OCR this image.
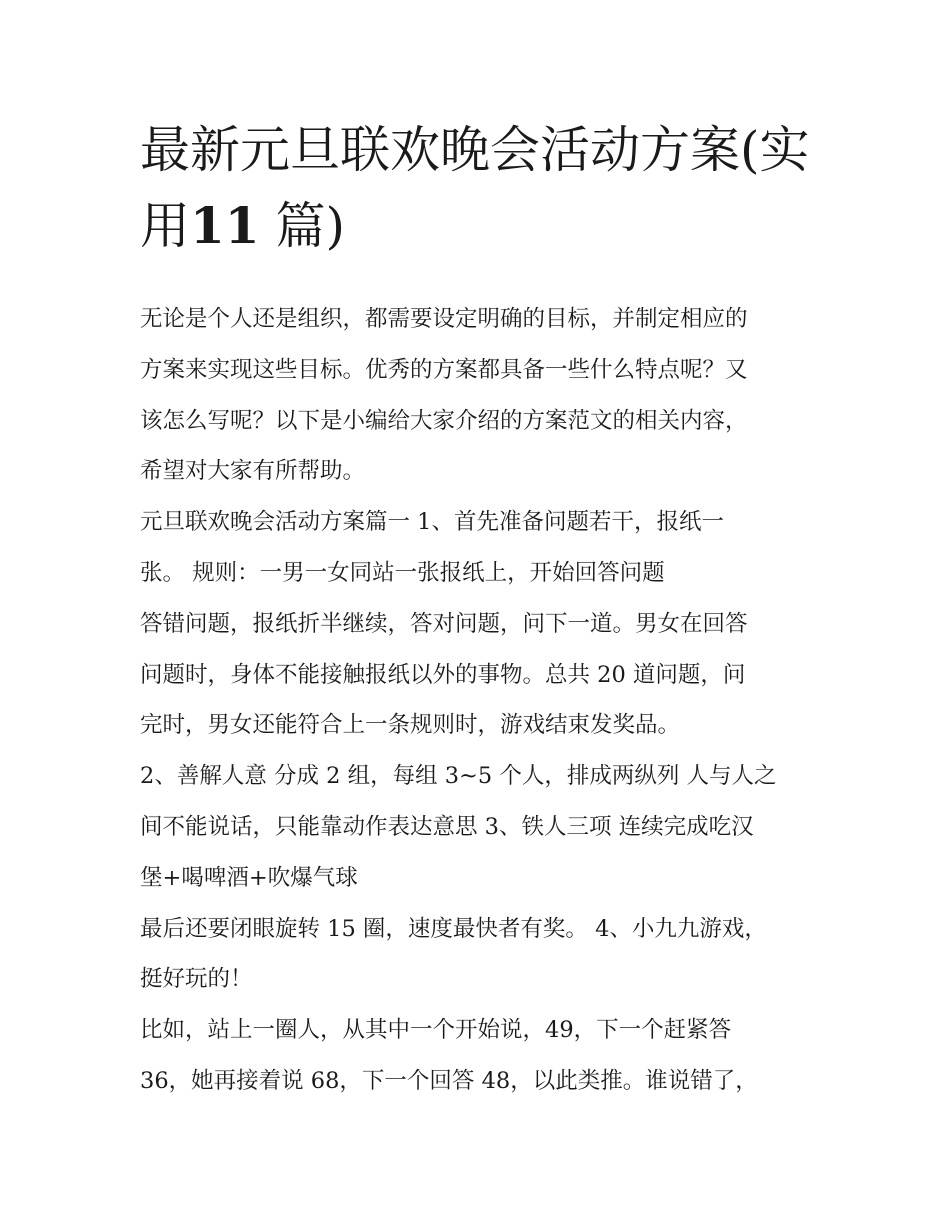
最新元旦联欢晚会活动方案(实
用11 篇)
无论是个人还是组织，都需要设定明确的目标，并制定相应的
方案来实现这些目标。优秀的方案都具备一些什么特点呢？又
该怎么写呢？以下是小编给大家介绍的方案范文的相关内容，
希望对大家有所帮助。
元旦联欢晚会活动方案篇一 1、首先准备问题若干，报纸一
张。 规则：一男一女同站一张报纸上，开始回答问题
答错问题，报纸折半继续，答对问题，问下一道。男女在回答
问题时，身体不能接触报纸以外的事物。总共 20 道问题，问
完时，男女还能符合上一条规则时，游戏结束发奖品。
2、善解人意 分成 2 组，每组 3~5 个人，排成两纵列 人与人之
间不能说话，只能靠动作表达意思 3、铁人三项 连续完成吃汉
堡+喝啤酒+吹爆气球
最后还要闭眼旋转 15 圈，速度最快者有奖。 4、小九九游戏，
挺好玩的！
比如，站上一圈人，从其中一个开始说，49，下一个赶紧答
36，她再接着说 68，下一个回答 48，以此类推。谁说错了，
